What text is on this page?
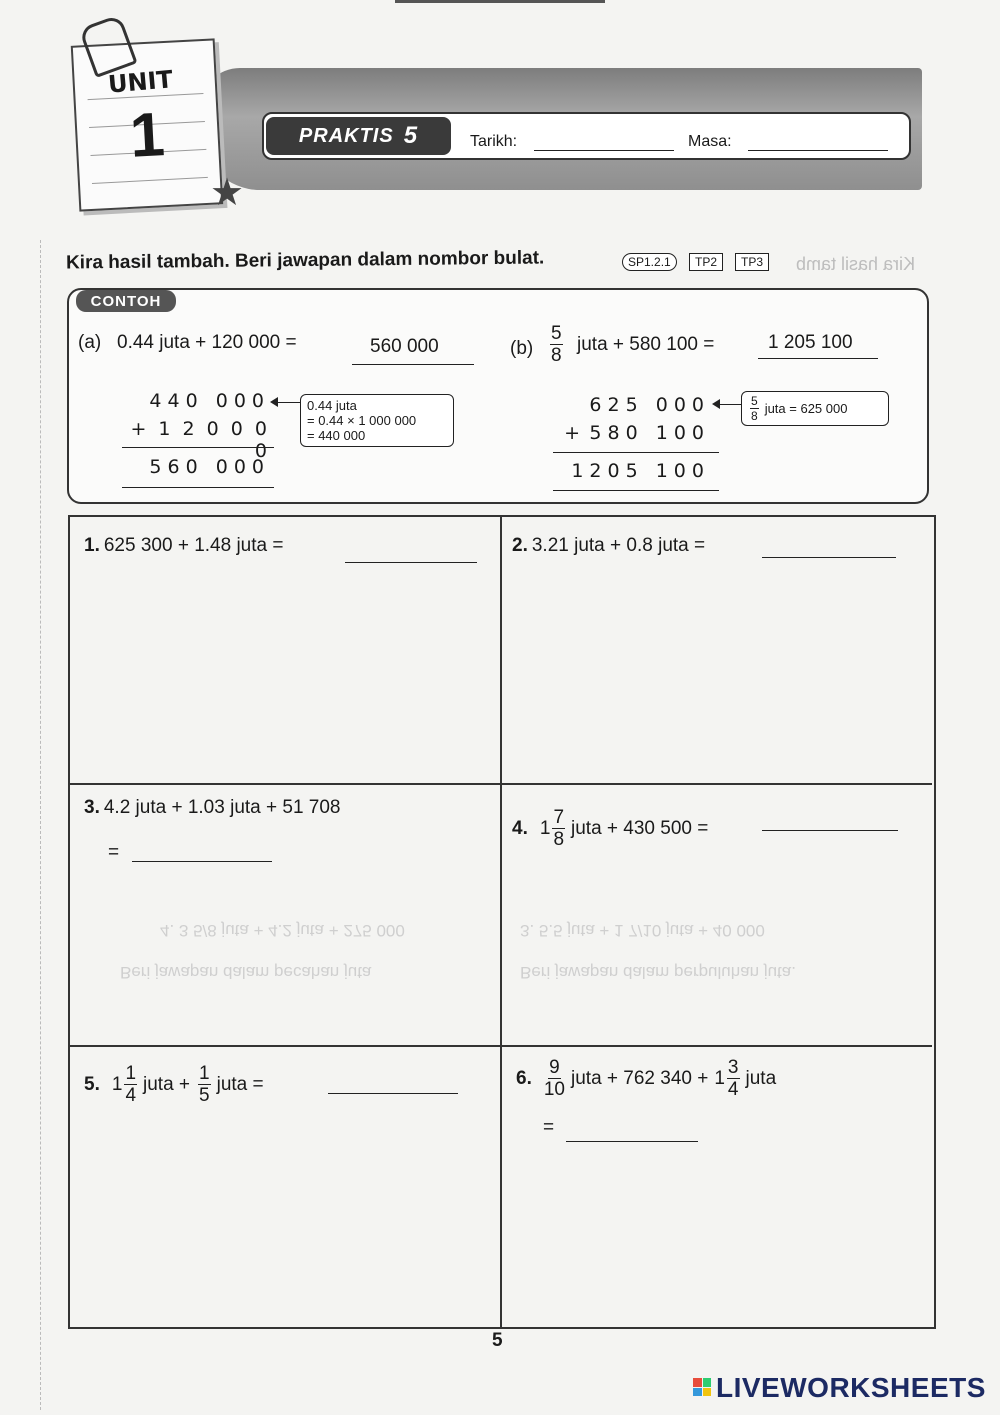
PRAKTIS 5	Tarikh:	Masa:
UNIT
1
★
Kira hasil tambah. Beri jawapan dalam nombor bulat.	SP1.2.1	TP2	TP3	Kira hasil tamb
CONTOH
(a) 0.44 juta + 120 000 =	560 000
440 000
+ 1 2 0 0 0 0
560 000
0.44 juta
= 0.44 × 1 000 000
= 440 000
$(b) \frac{5}{8}$ juta + 580 100 =	1 205 100
625 000
+ 580 100
1205 100
$\frac{5}{8}$ juta = 625 000
3. 5.5 juta + 1 7/10 juta + 40 000
Beri jawapan dalam perpuluhan juta.
4. 3 5/8 juta + 4.2 juta + 275 000
Beri jawapan dalam pecahan juta
1. 625 300 + 1.48 juta =	2. 3.21 juta + 0.8 juta =
3. 4.2 juta + 1.03 juta + 51 708
=
4. $1 \frac{7}{8}$ juta + 430 500 =
5. $1 \frac{1}{4}$ juta + $\frac{1}{5}$ juta =	6. $\frac{9}{10}$ juta + 762 $340 + 1 \frac{3}{4}$ juta
=
5
LIVEWORKSHEETS
